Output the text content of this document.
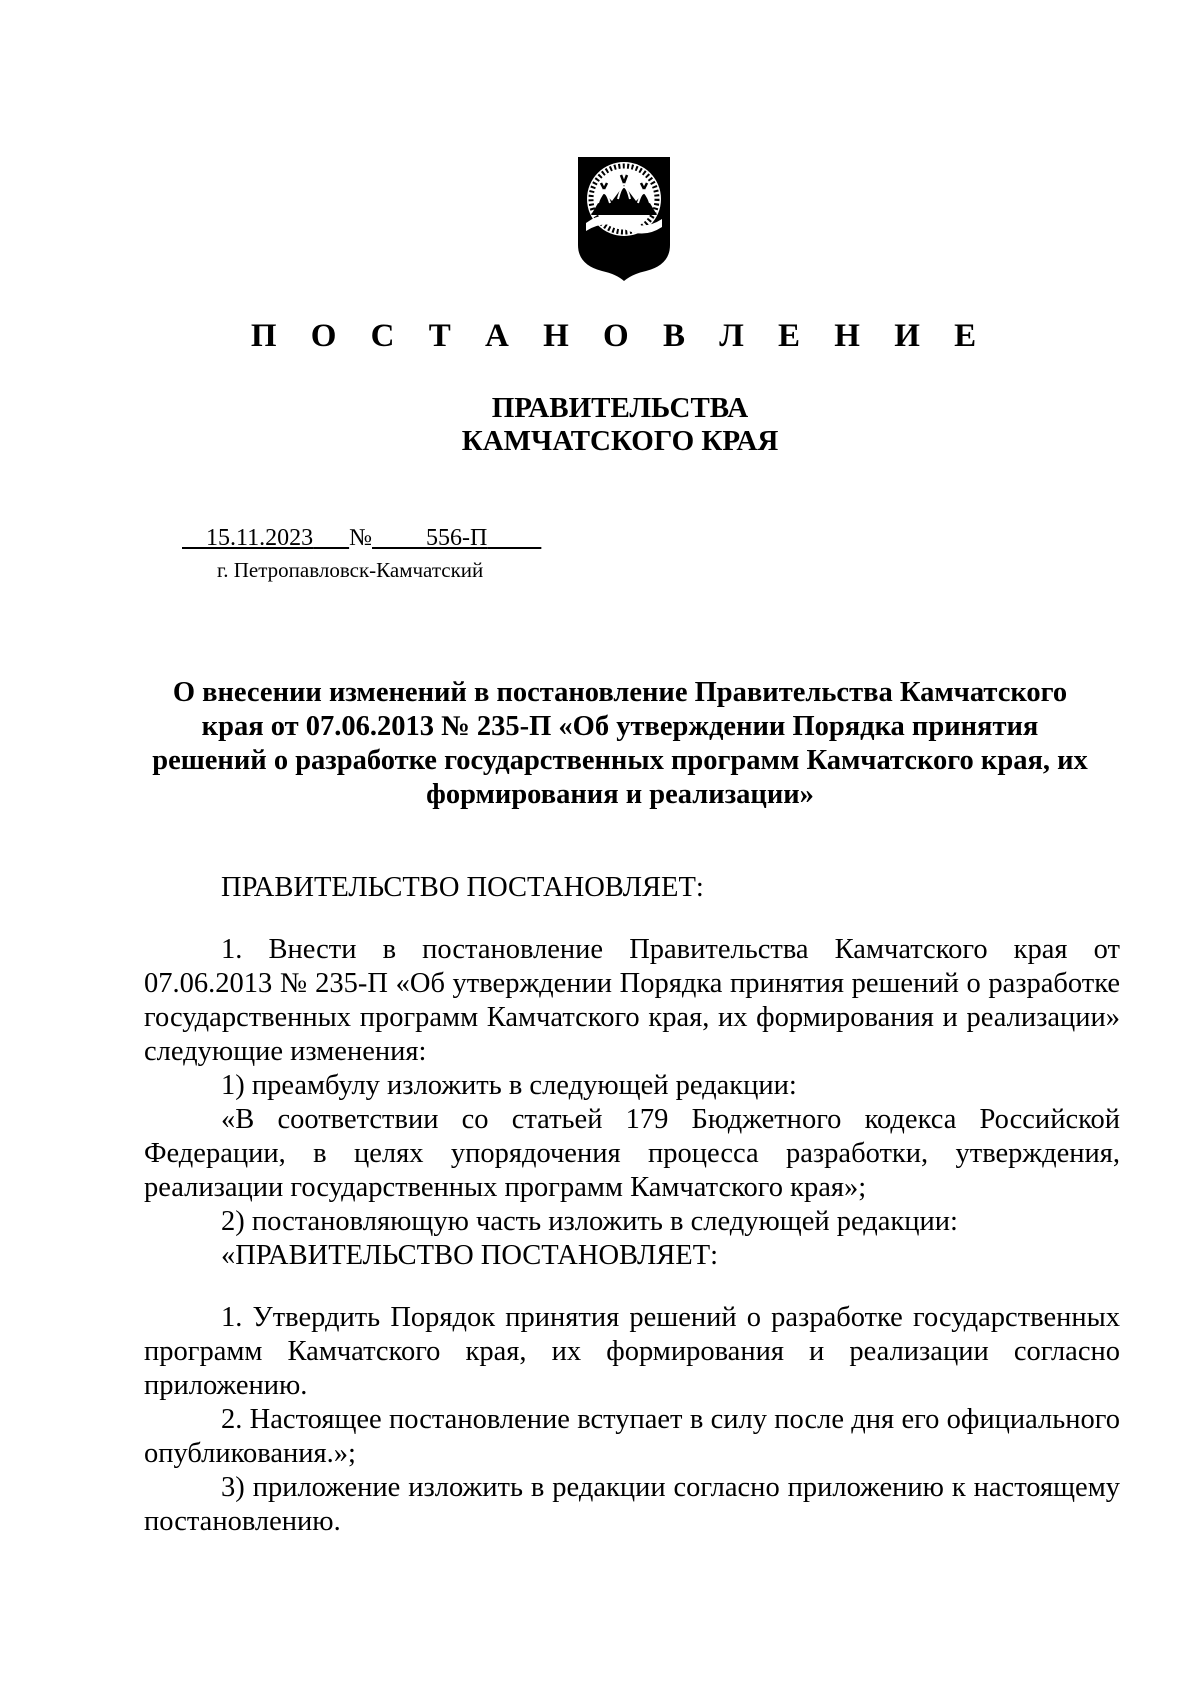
П О С Т А Н О В Л Е Н И Е
ПРАВИТЕЛЬСТВА
КАМЧАТСКОГО КРАЯ
15.11.2023 № 556-П
г. Петропавловск-Камчатский
О внесении изменений в постановление Правительства Камчатского
края от 07.06.2013 № 235-П «Об утверждении Порядка принятия
решений о разработке государственных программ Камчатского края, их
формирования и реализации»

ПРАВИТЕЛЬСТВО ПОСТАНОВЛЯЕТ:

1. Внести в постановление Правительства Камчатского края от 07.06.2013 № 235-П «Об утверждении Порядка принятия решений о разработке государственных программ Камчатского края, их формирования и реализации» следующие изменения:

1) преамбулу изложить в следующей редакции:

«В соответствии со статьей 179 Бюджетного кодекса Российской Федерации, в целях упорядочения процесса разработки, утверждения, реализации государственных программ Камчатского края»;

2) постановляющую часть изложить в следующей редакции:

«ПРАВИТЕЛЬСТВО ПОСТАНОВЛЯЕТ:

1. Утвердить Порядок принятия решений о разработке государственных программ Камчатского края, их формирования и реализации согласно приложению.

2. Настоящее постановление вступает в силу после дня его официального опубликования.»;

3) приложение изложить в редакции согласно приложению к настоящему постановлению.
